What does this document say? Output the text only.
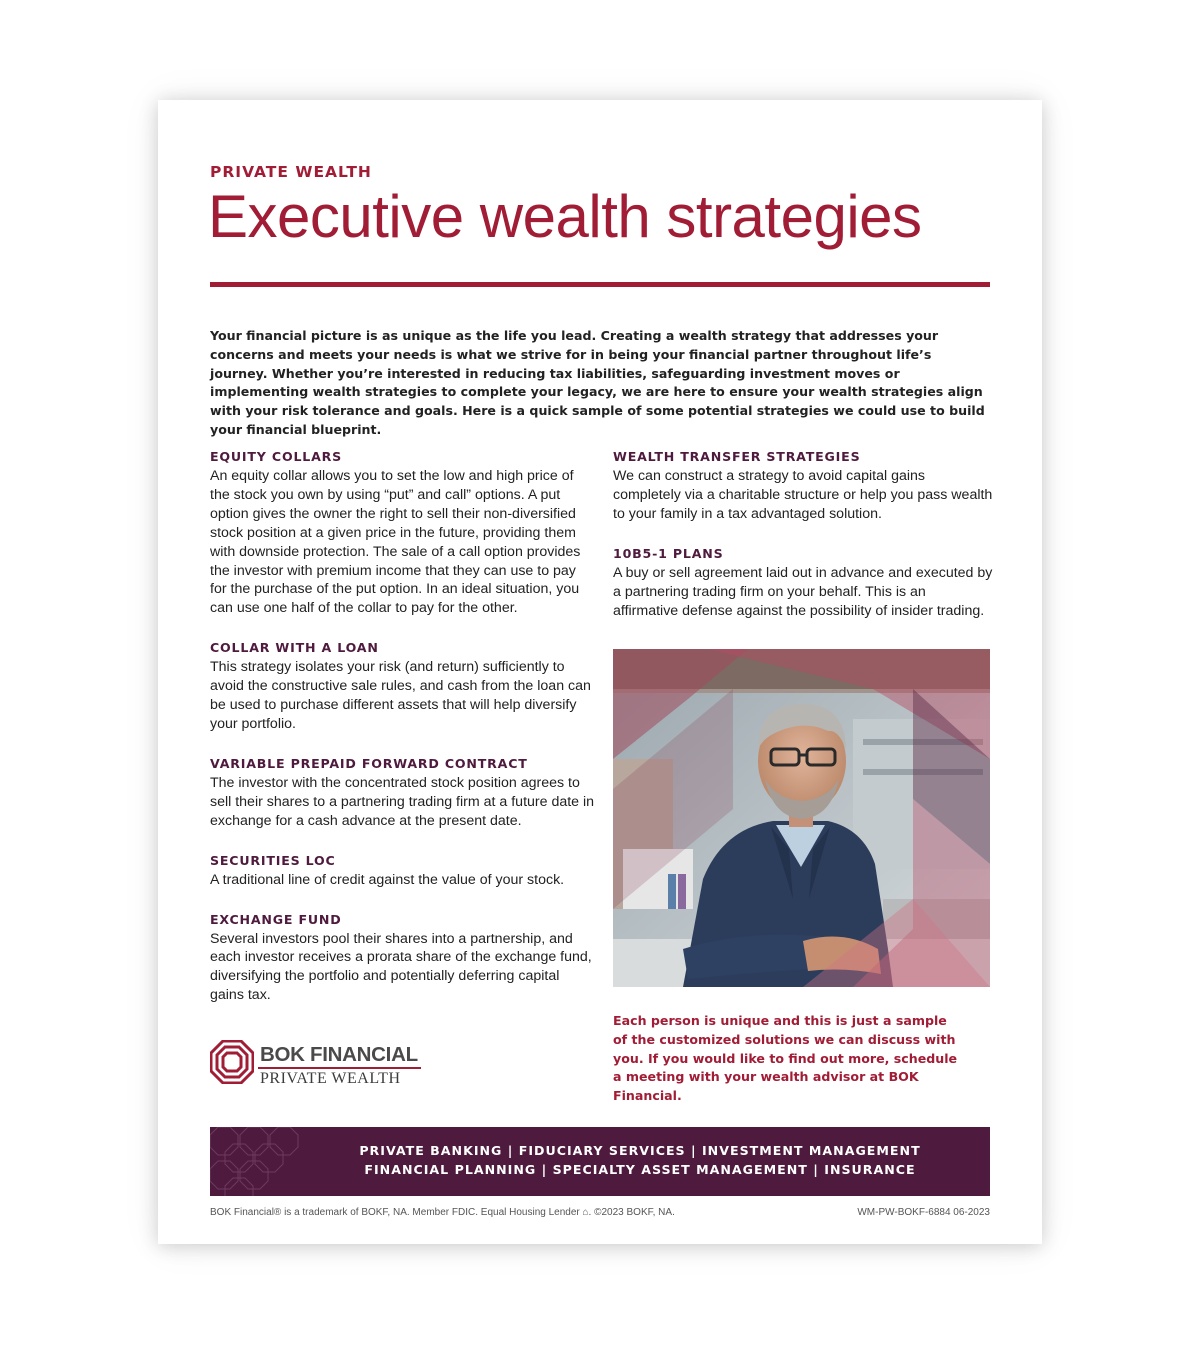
PRIVATE WEALTH
Executive wealth strategies

Your financial picture is as unique as the life you lead. Creating a wealth strategy that addresses your concerns and meets your needs is what we strive for in being your financial partner throughout life’s journey. Whether you’re interested in reducing tax liabilities, safeguarding investment moves or implementing wealth strategies to complete your legacy, we are here to ensure your wealth strategies align with your risk tolerance and goals. Here is a quick sample of some potential strategies we could use to build your financial blueprint.

EQUITY COLLARS

An equity collar allows you to set the low and high price of the stock you own by using “put” and call” options. A put option gives the owner the right to sell their non-diversified stock position at a given price in the future, providing them with downside protection. The sale of a call option provides the investor with premium income that they can use to pay for the purchase of the put option. In an ideal situation, you can use one half of the collar to pay for the other.

COLLAR WITH A LOAN

This strategy isolates your risk (and return) sufficiently to avoid the constructive sale rules, and cash from the loan can be used to purchase different assets that will help diversify your portfolio.

VARIABLE PREPAID FORWARD CONTRACT

The investor with the concentrated stock position agrees to sell their shares to a partnering trading firm at a future date in exchange for a cash advance at the present date.

SECURITIES LOC

A traditional line of credit against the value of your stock.

EXCHANGE FUND

Several investors pool their shares into a partnership, and each investor receives a prorata share of the exchange fund, diversifying the portfolio and potentially deferring capital gains tax.

WEALTH TRANSFER STRATEGIES

We can construct a strategy to avoid capital gains completely via a charitable structure or help you pass wealth to your family in a tax advantaged solution.

10B5-1 PLANS

A buy or sell agreement laid out in advance and executed by a partnering trading firm on your behalf. This is an affirmative defense against the possibility of insider trading.

Each person is unique and this is just a sample of the customized solutions we can discuss with you. If you would like to find out more, schedule a meeting with your wealth advisor at BOK Financial.

BOK FINANCIAL
PRIVATE WEALTH
PRIVATE BANKING | FIDUCIARY SERVICES | INVESTMENT MANAGEMENT
FINANCIAL PLANNING | SPECIALTY ASSET MANAGEMENT | INSURANCE
BOK Financial® is a trademark of BOKF, NA. Member FDIC. Equal Housing Lender ⌂. ©2023 BOKF, NA.	WM-PW-BOKF-6884 06-2023
